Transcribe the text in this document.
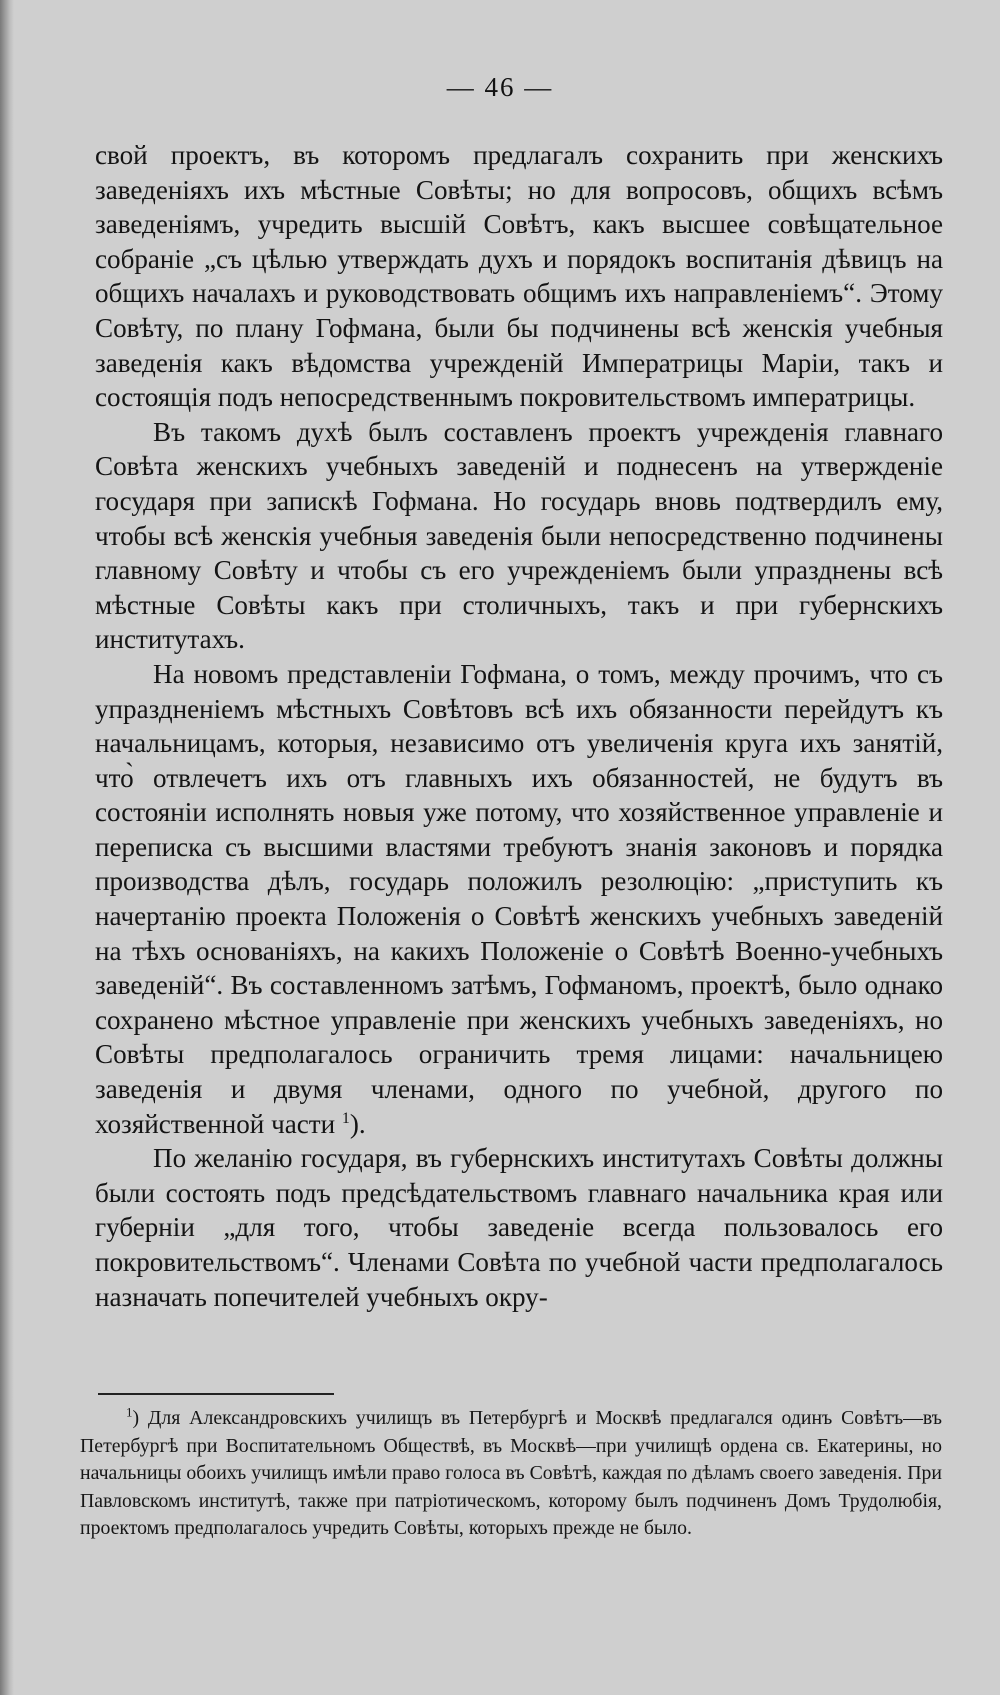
— 46 —

свой проектъ, въ которомъ предлагалъ сохранить при женскихъ заведеніяхъ ихъ мѣстные Совѣты; но для вопросовъ, общихъ всѣмъ заведеніямъ, учредить высшій Совѣтъ, какъ высшее совѣщательное собраніе „съ цѣлью утверждать духъ и порядокъ воспитанія дѣвицъ на общихъ началахъ и руководствовать общимъ ихъ направленіемъ“. Этому Совѣту, по плану Гофмана, были бы подчинены всѣ женскія учебныя заведенія какъ вѣдомства учрежденій Императрицы Маріи, такъ и состоящія подъ непосредственнымъ покровительствомъ императрицы.

Въ такомъ духѣ былъ составленъ проектъ учрежденія главнаго Совѣта женскихъ учебныхъ заведеній и поднесенъ на утвержденіе государя при запискѣ Гофмана. Но государь вновь подтвердилъ ему, чтобы всѣ женскія учебныя заведенія были непосредственно подчинены главному Совѣту и чтобы съ его учрежденіемъ были упразднены всѣ мѣстные Совѣты какъ при столичныхъ, такъ и при губернскихъ институтахъ.

На новомъ представленіи Гофмана, о томъ, между прочимъ, что съ упраздненіемъ мѣстныхъ Совѣтовъ всѣ ихъ обязанности перейдутъ къ начальницамъ, которыя, независимо отъ увеличенія круга ихъ занятій, что̀ отвлечетъ ихъ отъ главныхъ ихъ обязанностей, не будутъ въ состояніи исполнять новыя уже потому, что хозяйственное управленіе и переписка съ высшими властями требуютъ знанія законовъ и порядка производства дѣлъ, государь положилъ резолюцію: „приступить къ начертанію проекта Положенія о Совѣтѣ женскихъ учебныхъ заведеній на тѣхъ основаніяхъ, на какихъ Положеніе о Совѣтѣ Военно-учебныхъ заведеній“. Въ составленномъ затѣмъ, Гофманомъ, проектѣ, было однако сохранено мѣстное управленіе при женскихъ учебныхъ заведеніяхъ, но Совѣты предполагалось ограничить тремя лицами: начальницею заведенія и двумя членами, одного по учебной, другого по хозяйственной части $^1$).

По желанію государя, въ губернскихъ институтахъ Совѣты должны были состоять подъ предсѣдательствомъ главнаго начальника края или губерніи „для того, чтобы заведеніе всегда пользовалось его покровительствомъ“. Членами Совѣта по учебной части предполагалось назначать попечителей учебныхъ окру-

$^1$) Для Александровскихъ училищъ въ Петербургѣ и Москвѣ предлагался одинъ Совѣтъ—въ Петербургѣ при Воспитательномъ Обществѣ, въ Москвѣ—при училищѣ ордена св. Екатерины, но начальницы обоихъ училищъ имѣли право голоса въ Совѣтѣ, каждая по дѣламъ своего заведенія. При Павловскомъ институтѣ, также при патріотическомъ, которому былъ подчиненъ Домъ Трудолюбія, проектомъ предполагалось учредить Совѣты, которыхъ прежде не было.
